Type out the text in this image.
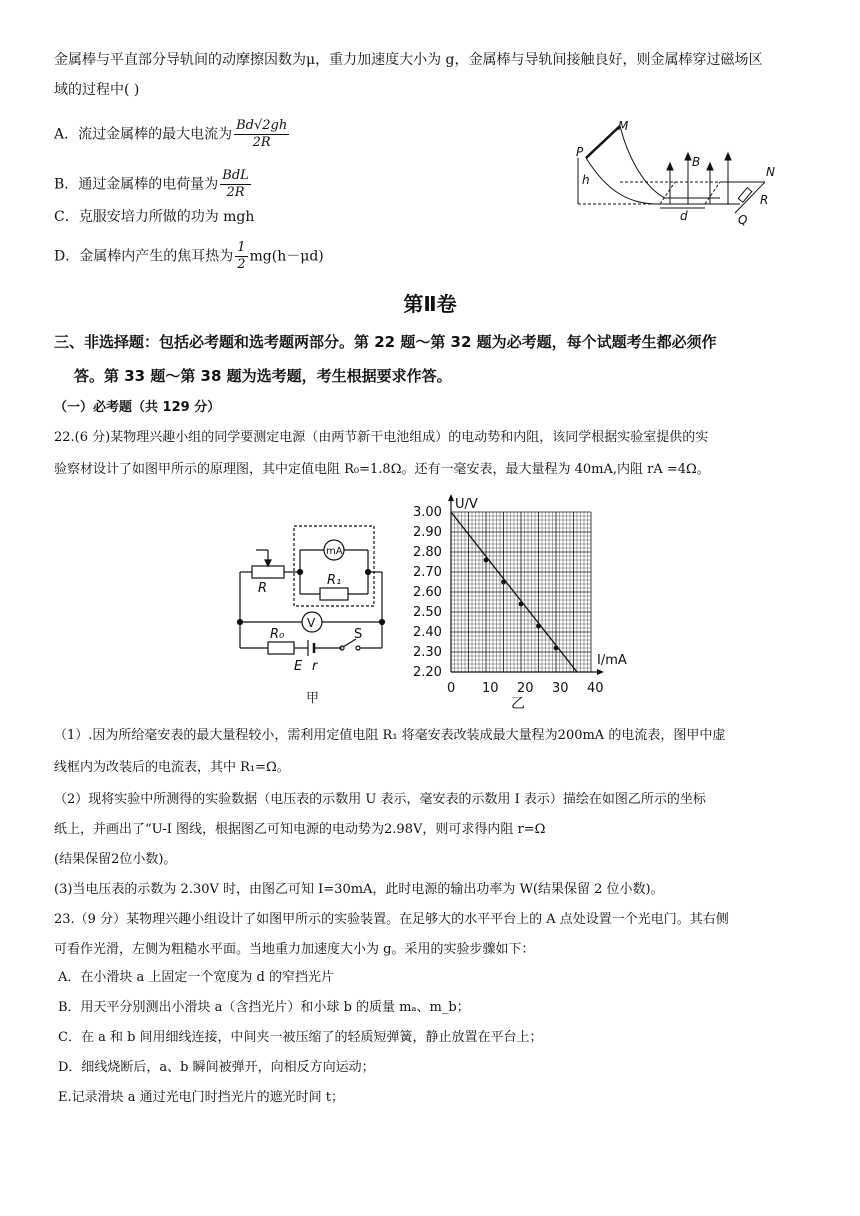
金属棒与平直部分导轨间的动摩擦因数为μ，重力加速度大小为 g，金属棒与导轨间接触良好，则金属棒穿过磁场区
域的过程中( )
A．流过金属棒的最大电流为 $\frac{Bd√2gh}{2R}$
B．通过金属棒的电荷量为 $\frac{\text{BdL}}{2R}$
C．克服安培力所做的功为 mgh
D．金属棒内产生的焦耳热为 $\frac{1}{2} mg(h-\mu d)$
M
P
B
N
h
d	Q
R
第Ⅱ卷
三、非选择题：包括必考题和选考题两部分。第 22 题～第 32 题为必考题，每个试题考生都必须作
答。第 33 题～第 38 题为选考题，考生根据要求作答。
（一）必考题（共 129 分）
22.(6 分)某物理兴趣小组的同学要测定电源（由两节新干电池组成）的电动势和内阻，该同学根据实验室提供的实
验察材设计了如图甲所示的原理图，其中定值电阻 R₀=1.8Ω。还有一毫安表，最大量程为 40mA,内阻 rA =4Ω。
mA
R₁
R
V
R₀	S
E r
甲
3.00
2.90
2.80
2.70
2.60
2.50
2.40
2.30
2.20
0 10 20 30 40
U/V
I/mA
乙
（1）.因为所给毫安表的最大量程较小，需利用定值电阻 R₁ 将毫安表改装成最大量程为200mA 的电流表，图甲中虚
线框内为改装后的电流表，其中 R₁=Ω。
（2）现将实验中所测得的实验数据（电压表的示数用 U 表示，毫安表的示数用 I 表示）描绘在如图乙所示的坐标
纸上，并画出了“U-I 图线，根据图乙可知电源的电动势为2.98V，则可求得内阻 r=Ω
(结果保留2位小数)。
(3)当电压表的示数为 2.30V 时，由图乙可知 I=30mA，此时电源的输出功率为 W(结果保留 2 位小数)。
23.（9 分）某物理兴趣小组设计了如图甲所示的实验装置。在足够大的水平平台上的 A 点处设置一个光电门。其右侧
可看作光滑，左侧为粗糙水平面。当地重力加速度大小为 g。采用的实验步骤如下：
A．在小滑块 a 上固定一个宽度为 d 的窄挡光片
B．用天平分别测出小滑块 a（含挡光片）和小球 b 的质量 mₐ、m_b；
C．在 a 和 b 间用细线连接，中间夹一被压缩了的轻质短弹簧，静止放置在平台上；
D．细线烧断后，a、b 瞬间被弹开，向相反方向运动；
E.记录滑块 a 通过光电门时挡光片的遮光时间 t；
